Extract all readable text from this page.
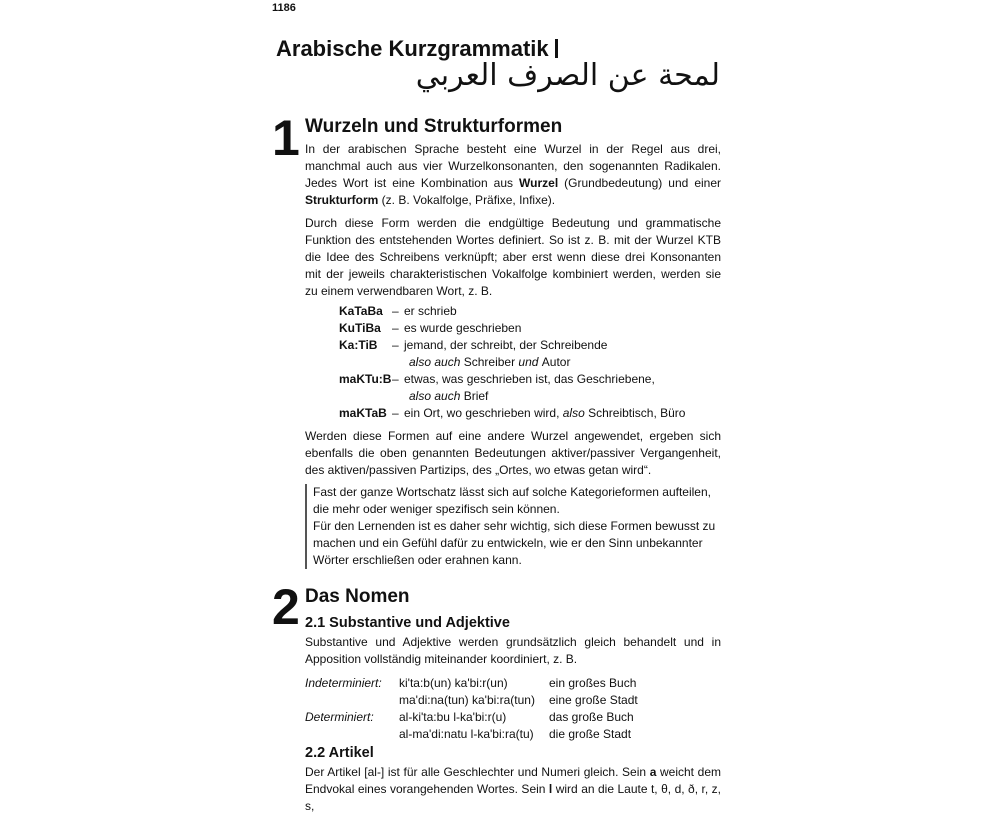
1186
Arabische Kurzgrammatik
لمحة عن الصرف العربي
1 Wurzeln und Strukturformen
In der arabischen Sprache besteht eine Wurzel in der Regel aus drei, manchmal auch aus vier Wurzelkonsonanten, den sogenannten Radikalen. Jedes Wort ist eine Kombination aus Wurzel (Grundbedeutung) und einer Strukturform (z. B. Vokalfolge, Präfixe, Infixe).
Durch diese Form werden die endgültige Bedeutung und grammatische Funktion des entstehenden Wortes definiert. So ist z. B. mit der Wurzel KTB die Idee des Schreibens verknüpft; aber erst wenn diese drei Konsonanten mit der jeweils charakteristischen Vokalfolge kombiniert werden, werden sie zu einem verwendbaren Wort, z. B.
KaTaBa – er schrieb
KuTiBa – es wurde geschrieben
Ka:TiB – jemand, der schreibt, der Schreibende
also auch Schreiber und Autor
maKTu:B– etwas, was geschrieben ist, das Geschriebene,
also auch Brief
maKTaB – ein Ort, wo geschrieben wird, also Schreibtisch, Büro
Werden diese Formen auf eine andere Wurzel angewendet, ergeben sich ebenfalls die oben genannten Bedeutungen aktiver/passiver Vergangenheit, des aktiven/passiven Partizips, des „Ortes, wo etwas getan wird“.
Fast der ganze Wortschatz lässt sich auf solche Kategorieformen aufteilen, die mehr oder weniger spezifisch sein können.
Für den Lernenden ist es daher sehr wichtig, sich diese Formen bewusst zu machen und ein Gefühl dafür zu entwickeln, wie er den Sinn unbekannter Wörter erschließen oder erahnen kann.
2 Das Nomen
2.1 Substantive und Adjektive
Substantive und Adjektive werden grundsätzlich gleich behandelt und in Apposition vollständig miteinander koordiniert, z. B.
Indeterminiert: ki'ta:b(un) ka'bi:r(un)	ein großes Buch
ma'di:na(tun) ka'bi:ra(tun) eine große Stadt
Determiniert: al-ki'ta:bu l-ka'bi:r(u)	das große Buch
al-ma'di:natu l-ka'bi:ra(tu) die große Stadt
2.2 Artikel
Der Artikel [al-] ist für alle Geschlechter und Numeri gleich. Sein a weicht dem Endvokal eines vorangehenden Wortes. Sein l wird an die Laute t, θ, d, ð, r, z, s,
